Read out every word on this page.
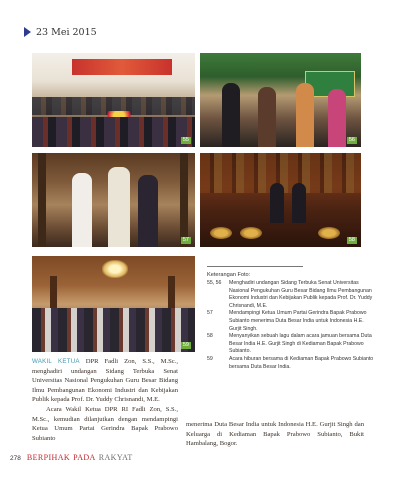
23 Mei 2015
55	56
57	58
59
Keterangan Foto:
55, 56	Menghadiri undangan Sidang Terbuka Senat Universitas Nasional Pengukuhan Guru Besar Bidang Ilmu Pembangunan Ekonomi Industri dan Kebijakan Publik kepada Prof. Dr. Yuddy Chrisnandi, M.E.
57	Mendampingi Ketua Umum Partai Gerindra Bapak Prabowo Subianto menerima Duta Besar India untuk Indonesia H.E. Gurjit Singh.
58	Menyanyikan sebuah lagu dalam acara jamuan bersama Duta Besar India H.E. Gurjit Singh di Kediaman Bapak Prabowo Subianto.
59	Acara hiburan bersama di Kediaman Bapak Prabowo Subianto bersama Duta Besar India.

WAKIL KETUA DPR Fadli Zon, S.S., M.Sc., menghadiri undangan Sidang Terbuka Senat Universitas Nasional Pengukuhan Guru Besar Bidang Ilmu Pembangunan Ekonomi Industri dan Kebijakan Publik kepada Prof. Dr. Yuddy Chrisnandi, M.E.

Acara Wakil Ketua DPR RI Fadli Zon, S.S., M.Sc., kemudian dilanjutkan dengan mendampingi Ketua Umum Partai Gerindra Bapak Prabowo Subianto

menerima Duta Besar India untuk Indonesia H.E. Gurjit Singh dan Keluarga di Kediaman Bapak Prabowo Subianto, Bukit Hambalang, Bogor.

278 BERPIHAK PADA RAKYAT
